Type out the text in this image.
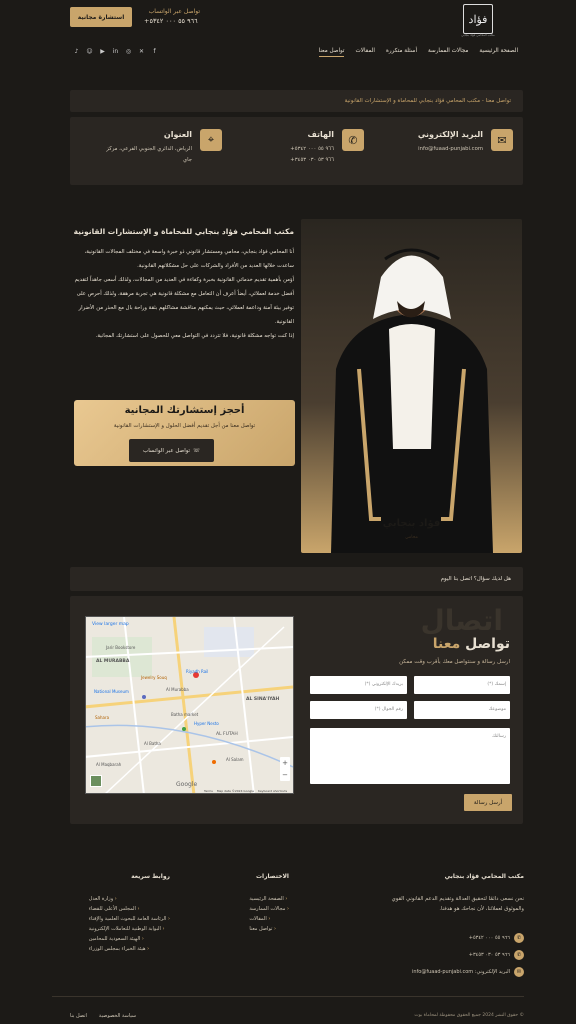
فؤاد
مكتب المحامي فؤاد بنجابي
تواصل عبر الواتساب
+٩٦٦ ٥٥ ٠٠٠ ٥٣٤٢
استشارة مجانية
الصفحة الرئيسية
مجالات الممارسة
أسئلة متكررة
المقالات
تواصل معنا
♪ ☺ ▶ in ◎ ✕	f
تواصل معنا - مكتب المحامي فؤاد بنجابي للمحاماة و الإستشارات القانونية
✉
البريد الإلكتروني
info@fuaad-punjabi.com
✆
الهاتف
+٩٦٦ ٥٥ ٠٠٠ ٥٣٤٢
+٩٦٦ ٥٣ ٠٣٠ ٣٤٥٣
⌖
العنوان
الرياض، الدائري الجنوبي الفرعي، مركز
جاي
فؤاد بنجابي
محامي
مكتب المحامي فؤاد بنجابي للمحاماة و الإستشارات القانونية

أنا المحامي فؤاد بنجابي، محامي ومستشار قانوني ذو خبرة واسعة في مختلف المجالات القانونية، ساعدت خلالها العديد من الأفراد والشركات على حل مشكلاتهم القانونية.

أؤمن بأهمية تقديم خدماتي القانونية بخبرة وكفاءة في العديد من المجالات، ولذلك أسعى جاهداً لتقديم أفضل خدمة لعملائي، أيضاً أعرف أن التعامل مع مشكلة قانونية هي تجربة مرهقة، ولذلك أحرص على توفير بيئة آمنة وداعمة لعملائي، حيث يمكنهم مناقشة مشاكلهم بثقة وراحة بال مع الحذر من الأضرار القانونية.

إذا كنت تواجه مشكلة قانونية، فلا تتردد في التواصل معي للحصول على استشارتك المجانية.

أحجز إستشارتك المجانية
تواصل معنا من أجل تقديم أفضل الحلول و الإستشارات القانونية
☏
تواصل عبر الواتساب
هل لديك سؤال؟ اتصل بنا اليوم
View larger map
AL MURABBA
AL SINA'IYAH
AL FUTAH
Jewelry Souq
National Museum
Hyper Nesto
Sahara
Al Batha
Riyadh Rail
Al Maqbarah
Al Salam
Al Murabba
Jarir Bookstore
Batha market
+
−
Google
Keyboard shortcuts
Map data ©2024 Google
Terms
اتصال
تواصل معنا
ارسل رسالة و سنتواصل معك بأقرب وقت ممكن
إسمك (*)
بريدك الإلكتروني (*)
موضوعك
رقم الجوال (*)
رسالتك
أرسل رسالة
مكتب المحامي فؤاد بنجابي
نحن نسعى دائمًا لتحقيق العدالة وتقديم الدعم القانوني القوي والموثوق لعملائنا، لأن نجاحك هو هدفنا.
✆
+٩٦٦ ٥٥ ٠٠٠ ٥٣٤٢
✆
+٩٦٦ ٥٣ ٠٣٠ ٣٤٥٣
✉
البريد الإلكتروني: info@fuaad-punjabi.com
الاختصارات
‹ الصفحة الرئيسية
‹ مجالات الممارسة
‹ المقالات
‹ تواصل معنا
روابط سريعة
‹ وزارة العدل
‹ المجلس الأعلى للقضاء
‹ الرئاسة العامة للبحوث العلمية والإفتاء
‹ البوابة الوطنية للتعاملات الإلكترونية
‹ الهيئة السعودية للمحامين
‹ هيئة الخبراء بمجلس الوزراء
© حقوق النشر 2024 جميع الحقوق محفوظة لمحاماة بوت
سياسة الخصوصية
اتصل بنا
